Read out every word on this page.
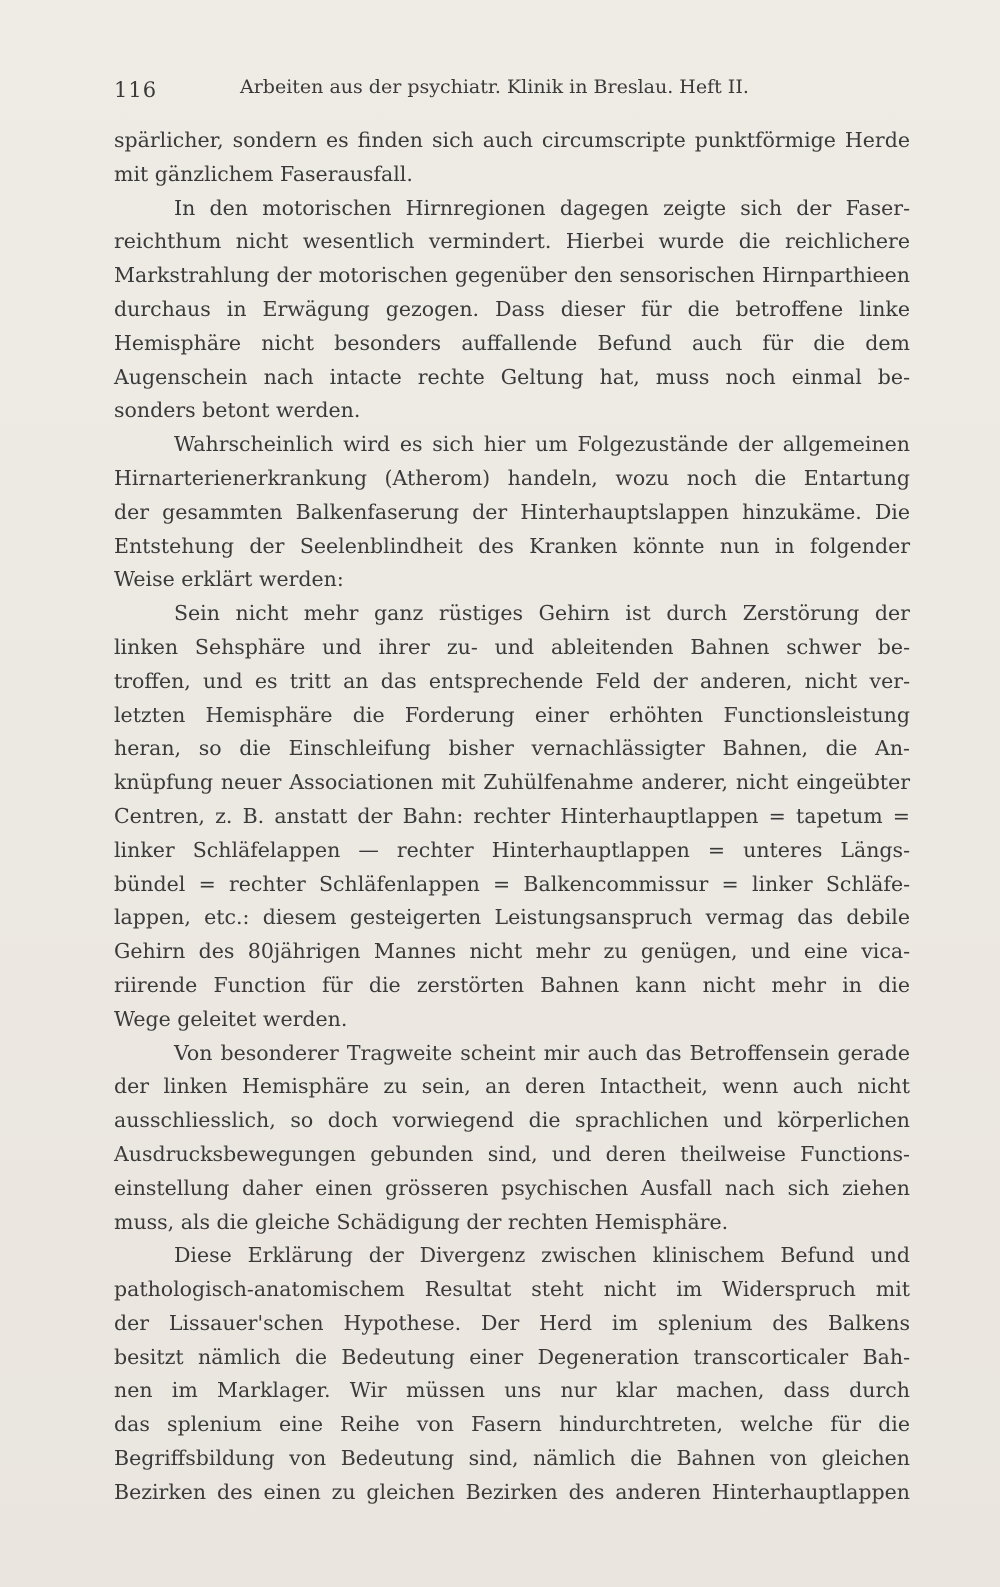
116	Arbeiten aus der psychiatr. Klinik in Breslau. Heft II.
spärlicher, sondern es finden sich auch circumscripte punktförmige Herde
mit gänzlichem Faserausfall.
In den motorischen Hirnregionen dagegen zeigte sich der Faser-
reichthum nicht wesentlich vermindert. Hierbei wurde die reichlichere
Markstrahlung der motorischen gegenüber den sensorischen Hirnparthieen
durchaus in Erwägung gezogen. Dass dieser für die betroffene linke
Hemisphäre nicht besonders auffallende Befund auch für die dem
Augenschein nach intacte rechte Geltung hat, muss noch einmal be-
sonders betont werden.
Wahrscheinlich wird es sich hier um Folgezustände der allgemeinen
Hirnarterienerkrankung (Atherom) handeln, wozu noch die Entartung
der gesammten Balkenfaserung der Hinterhauptslappen hinzukäme. Die
Entstehung der Seelenblindheit des Kranken könnte nun in folgender
Weise erklärt werden:
Sein nicht mehr ganz rüstiges Gehirn ist durch Zerstörung der
linken Sehsphäre und ihrer zu- und ableitenden Bahnen schwer be-
troffen, und es tritt an das entsprechende Feld der anderen, nicht ver-
letzten Hemisphäre die Forderung einer erhöhten Functionsleistung
heran, so die Einschleifung bisher vernachlässigter Bahnen, die An-
knüpfung neuer Associationen mit Zuhülfenahme anderer, nicht eingeübter
Centren, z. B. anstatt der Bahn: rechter Hinterhauptlappen = tapetum =
linker Schläfelappen — rechter Hinterhauptlappen = unteres Längs-
bündel = rechter Schläfenlappen = Balkencommissur = linker Schläfe-
lappen, etc.: diesem gesteigerten Leistungsanspruch vermag das debile
Gehirn des 80jährigen Mannes nicht mehr zu genügen, und eine vica-
riirende Function für die zerstörten Bahnen kann nicht mehr in die
Wege geleitet werden.
Von besonderer Tragweite scheint mir auch das Betroffensein gerade
der linken Hemisphäre zu sein, an deren Intactheit, wenn auch nicht
ausschliesslich, so doch vorwiegend die sprachlichen und körperlichen
Ausdrucksbewegungen gebunden sind, und deren theilweise Functions-
einstellung daher einen grösseren psychischen Ausfall nach sich ziehen
muss, als die gleiche Schädigung der rechten Hemisphäre.
Diese Erklärung der Divergenz zwischen klinischem Befund und
pathologisch-anatomischem Resultat steht nicht im Widerspruch mit
der Lissauer'schen Hypothese. Der Herd im splenium des Balkens
besitzt nämlich die Bedeutung einer Degeneration transcorticaler Bah-
nen im Marklager. Wir müssen uns nur klar machen, dass durch
das splenium eine Reihe von Fasern hindurchtreten, welche für die
Begriffsbildung von Bedeutung sind, nämlich die Bahnen von gleichen
Bezirken des einen zu gleichen Bezirken des anderen Hinterhauptlappen
